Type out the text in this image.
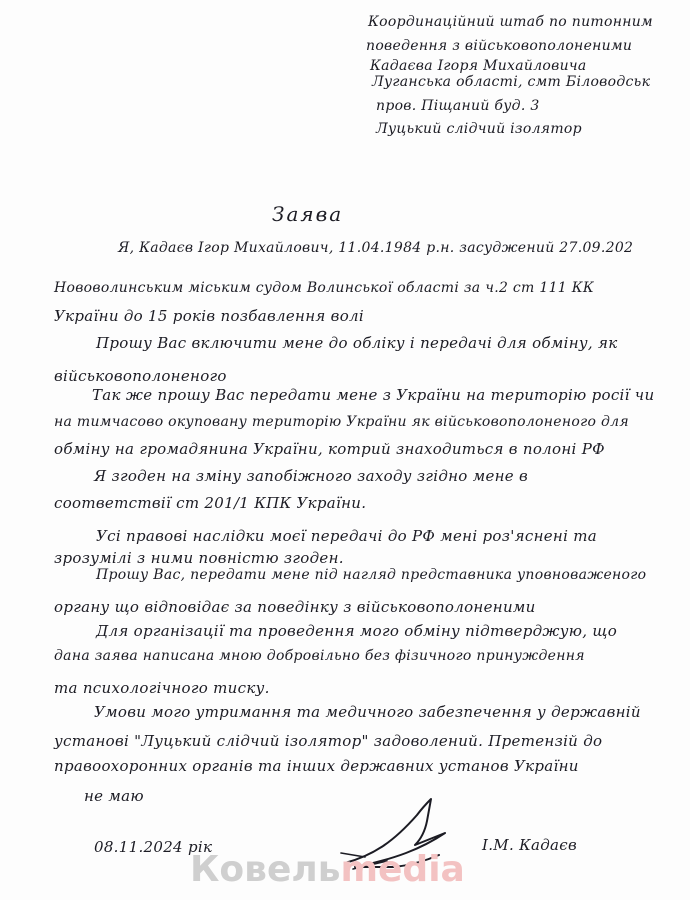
Координаційний штаб по питонним
поведення з військовополоненими
Кадаєва Ігоря Михайловича
Луганська області, смт Біловодськ
пров. Піщаний буд. 3
Луцький слідчий ізолятор
Заява
Я, Кадаєв Ігор Михайлович, 11.04.1984 р.н. засуджений 27.09.202
Нововолинським міським судом Волинської області за ч.2 ст 111 КК
України до 15 років позбавлення волі
Прошу Вас включити мене до обліку і передачі для обміну, як
військовополоненого
Так же прошу Вас передати мене з України на територію росії чи
на тимчасово окуповану територію України як військовополоненого для
обміну на громадянина України, котрий знаходиться в полоні РФ
Я згоден на зміну запобіжного заходу згідно мене в
соответствії ст 201/1 КПК України.
Усі правові наслідки моєї передачі до РФ мені роз'яснені та
зрозумілі з ними повністю згоден.
Прошу Вас, передати мене під нагляд представника уповноваженого
органу що відповідає за поведінку з військовополоненими
Для організації та проведення мого обміну підтверджую, що
дана заява написана мною добровільно без фізичного принуждення
та психологічного тиску.
Умови мого утримання та медичного забезпечення у державній
установі "Луцький слідчий ізолятор" задоволений. Претензій до
правоохоронних органів та інших державних установ України
не маю
08.11.2024 рік	І.М. Кадаєв
Ковельmedia
